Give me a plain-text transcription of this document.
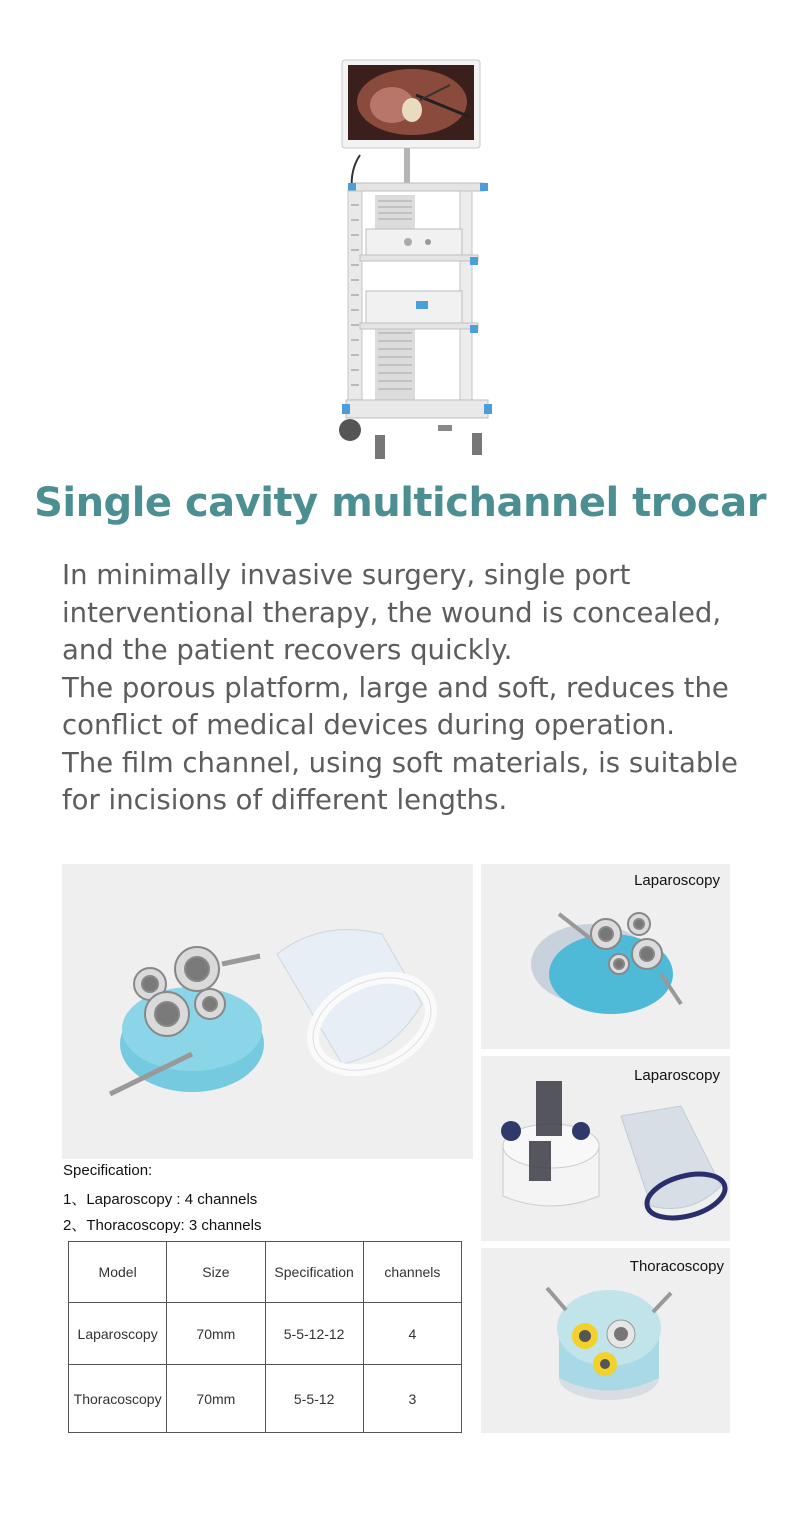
Single cavity multichannel trocar

In minimally invasive surgery, single port interventional therapy, the wound is concealed, and the patient recovers quickly.

The porous platform, large and soft, reduces the conflict of medical devices during operation.

The film channel, using soft materials, is suitable for incisions of different lengths.

Laparoscopy
Laparoscopy
Thoracoscopy
Specification:
1、Laparoscopy : 4 channels
2、Thoracoscopy: 3 channels
Model	Size	Specification	channels
Laparoscopy	70mm	5-5-12-12	4
Thoracoscopy	70mm	5-5-12	3
